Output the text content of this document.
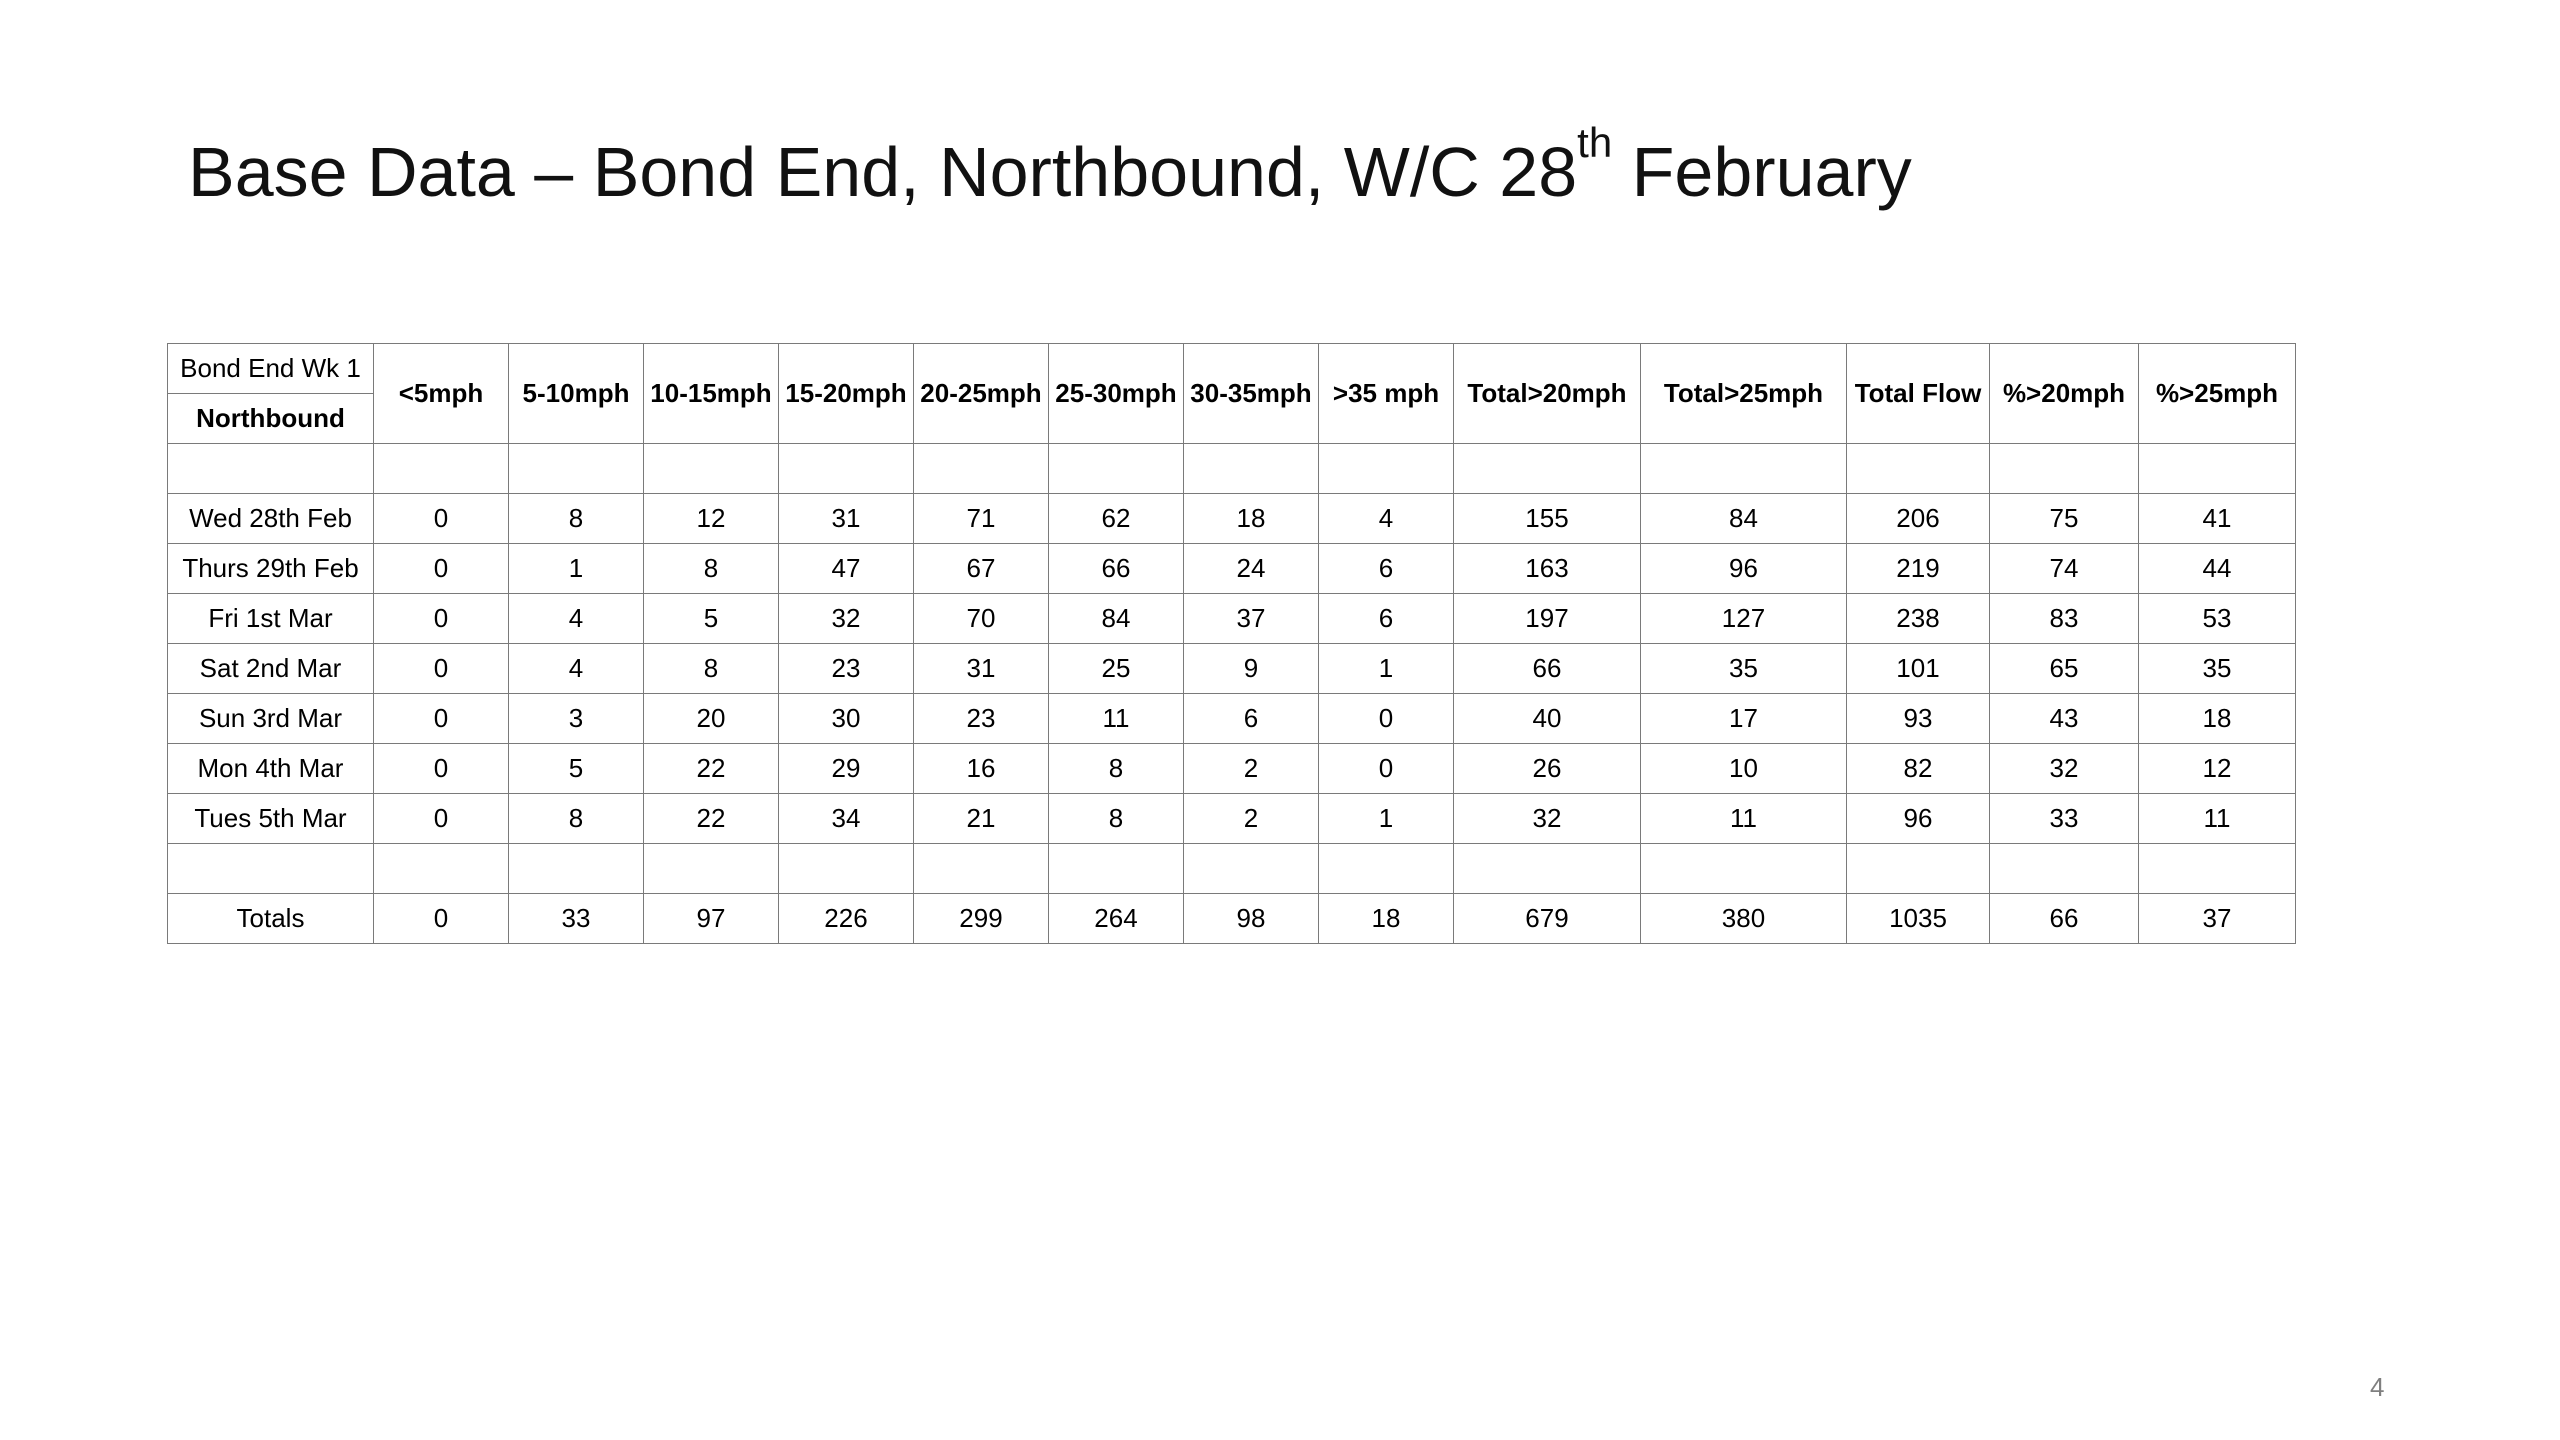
Base Data – Bond End, Northbound, W/C 28th February
Bond End Wk 1	<5mph	5-10mph	10-15mph	15-20mph	20-25mph	25-30mph	30-35mph	>35 mph	Total>20mph	Total>25mph	Total Flow	%>20mph	%>25mph
Northbound													

Wed 28th Feb	0	8	12	31	71	62	18	4	155	84	206	75	41
Thurs 29th Feb	0	1	8	47	67	66	24	6	163	96	219	74	44
Fri 1st Mar	0	4	5	32	70	84	37	6	197	127	238	83	53
Sat 2nd Mar	0	4	8	23	31	25	9	1	66	35	101	65	35
Sun 3rd Mar	0	3	20	30	23	11	6	0	40	17	93	43	18
Mon 4th Mar	0	5	22	29	16	8	2	0	26	10	82	32	12
Tues 5th Mar	0	8	22	34	21	8	2	1	32	11	96	33	11

Totals	0	33	97	226	299	264	98	18	679	380	1035	66	37
4
